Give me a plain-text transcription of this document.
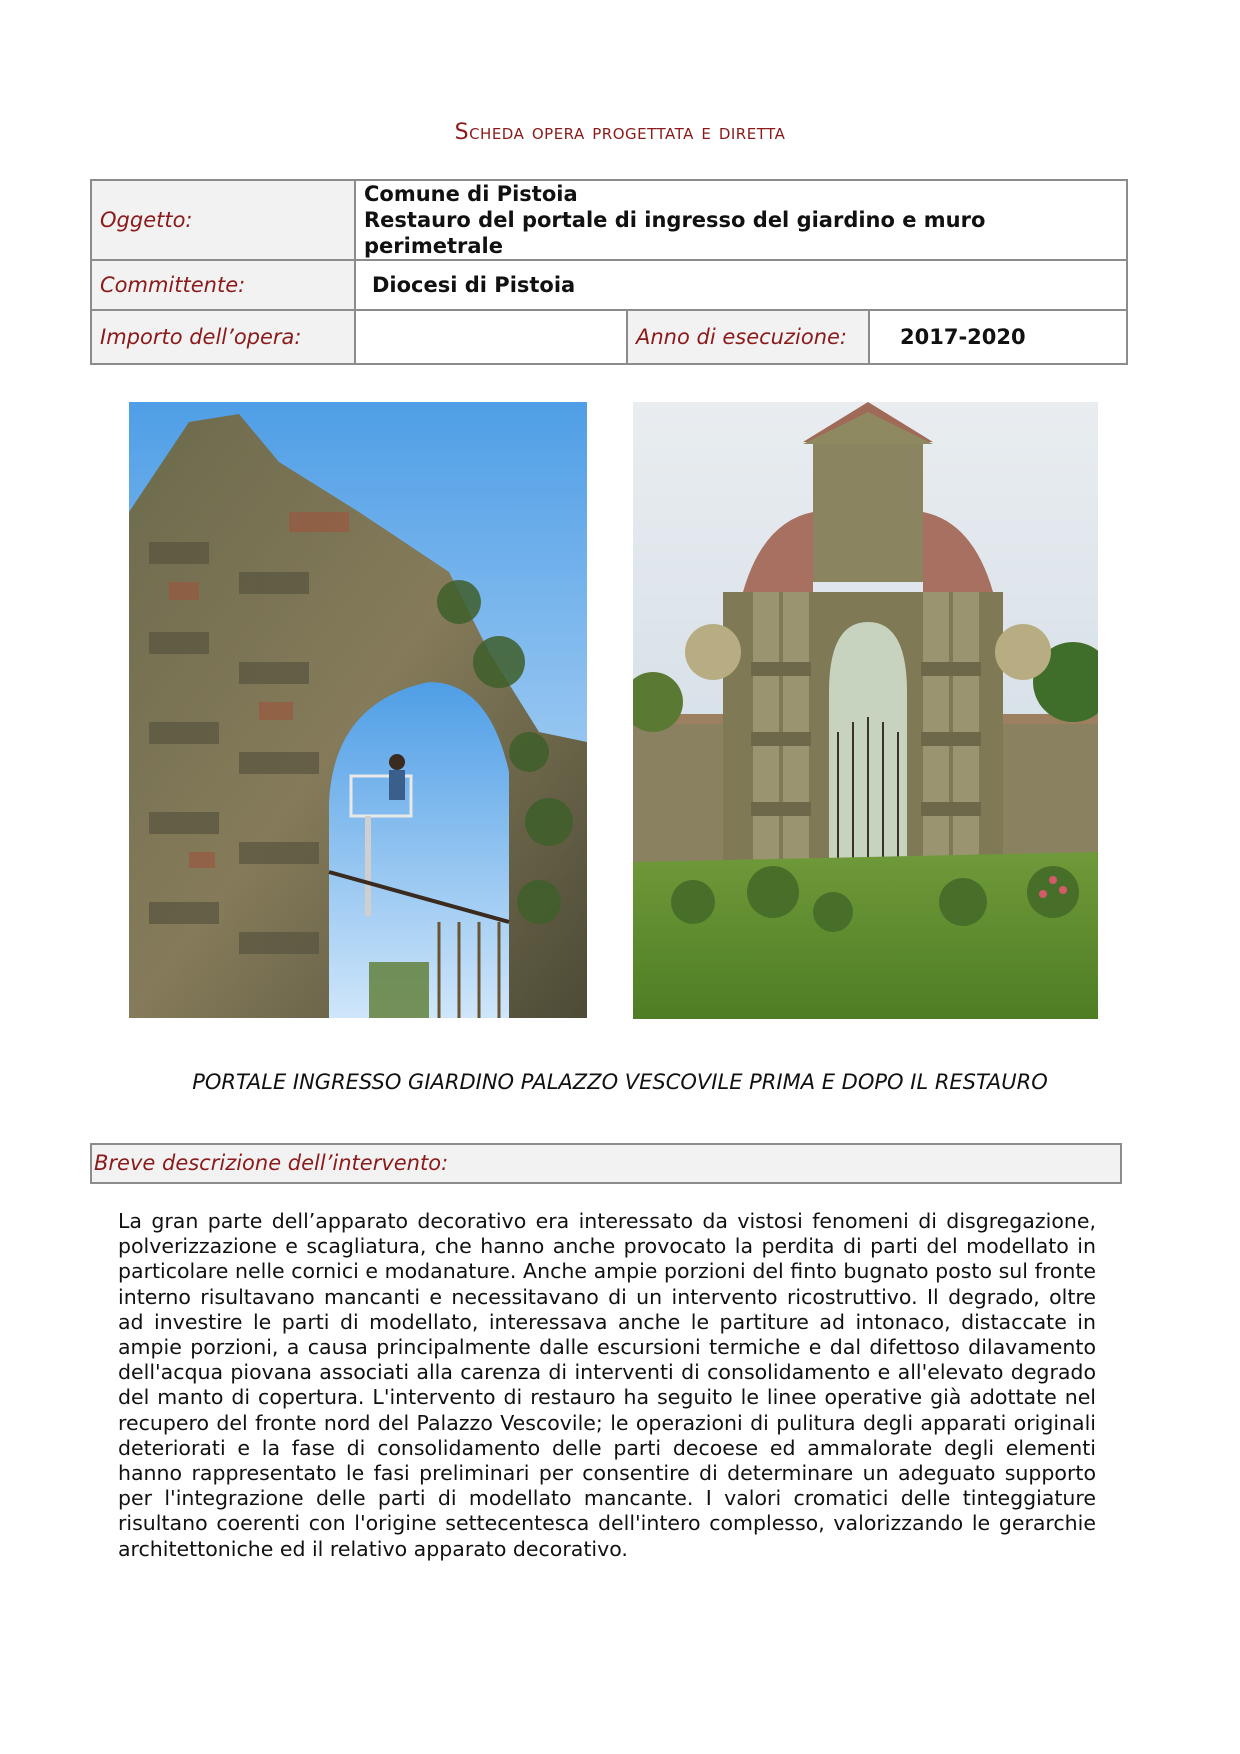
Scheda opera progettata e diretta
Oggetto:	Comune di Pistoia
Restauro del portale di ingresso del giardino e muro perimetrale		

Committente:	Diocesi di Pistoia		
Importo dell’opera:		Anno di esecuzione:	2017-2020
PORTALE INGRESSO GIARDINO PALAZZO VESCOVILE PRIMA E DOPO IL RESTAURO
Breve descrizione dell’intervento:
La gran parte dell’apparato decorativo era interessato da vistosi fenomeni di disgregazione, polverizzazione e scagliatura, che hanno anche provocato la perdita di parti del modellato in particolare nelle cornici e modanature. Anche ampie porzioni del finto bugnato posto sul fronte interno risultavano mancanti e necessitavano di un intervento ricostruttivo. Il degrado, oltre ad investire le parti di modellato, interessava anche le partiture ad intonaco, distaccate in ampie porzioni, a causa principalmente dalle escursioni termiche e dal difettoso dilavamento dell'acqua piovana associati alla carenza di interventi di consolidamento e all'elevato degrado del manto di copertura. L'intervento di restauro ha seguito le linee operative già adottate nel recupero del fronte nord del Palazzo Vescovile; le operazioni di pulitura degli apparati originali deteriorati e la fase di consolidamento delle parti decoese ed ammalorate degli elementi hanno rappresentato le fasi preliminari per consentire di determinare un adeguato supporto per l'integrazione delle parti di modellato mancante. I valori cromatici delle tinteggiature risultano coerenti con l'origine settecentesca dell'intero complesso, valorizzando le gerarchie architettoniche ed il relativo apparato decorativo.
